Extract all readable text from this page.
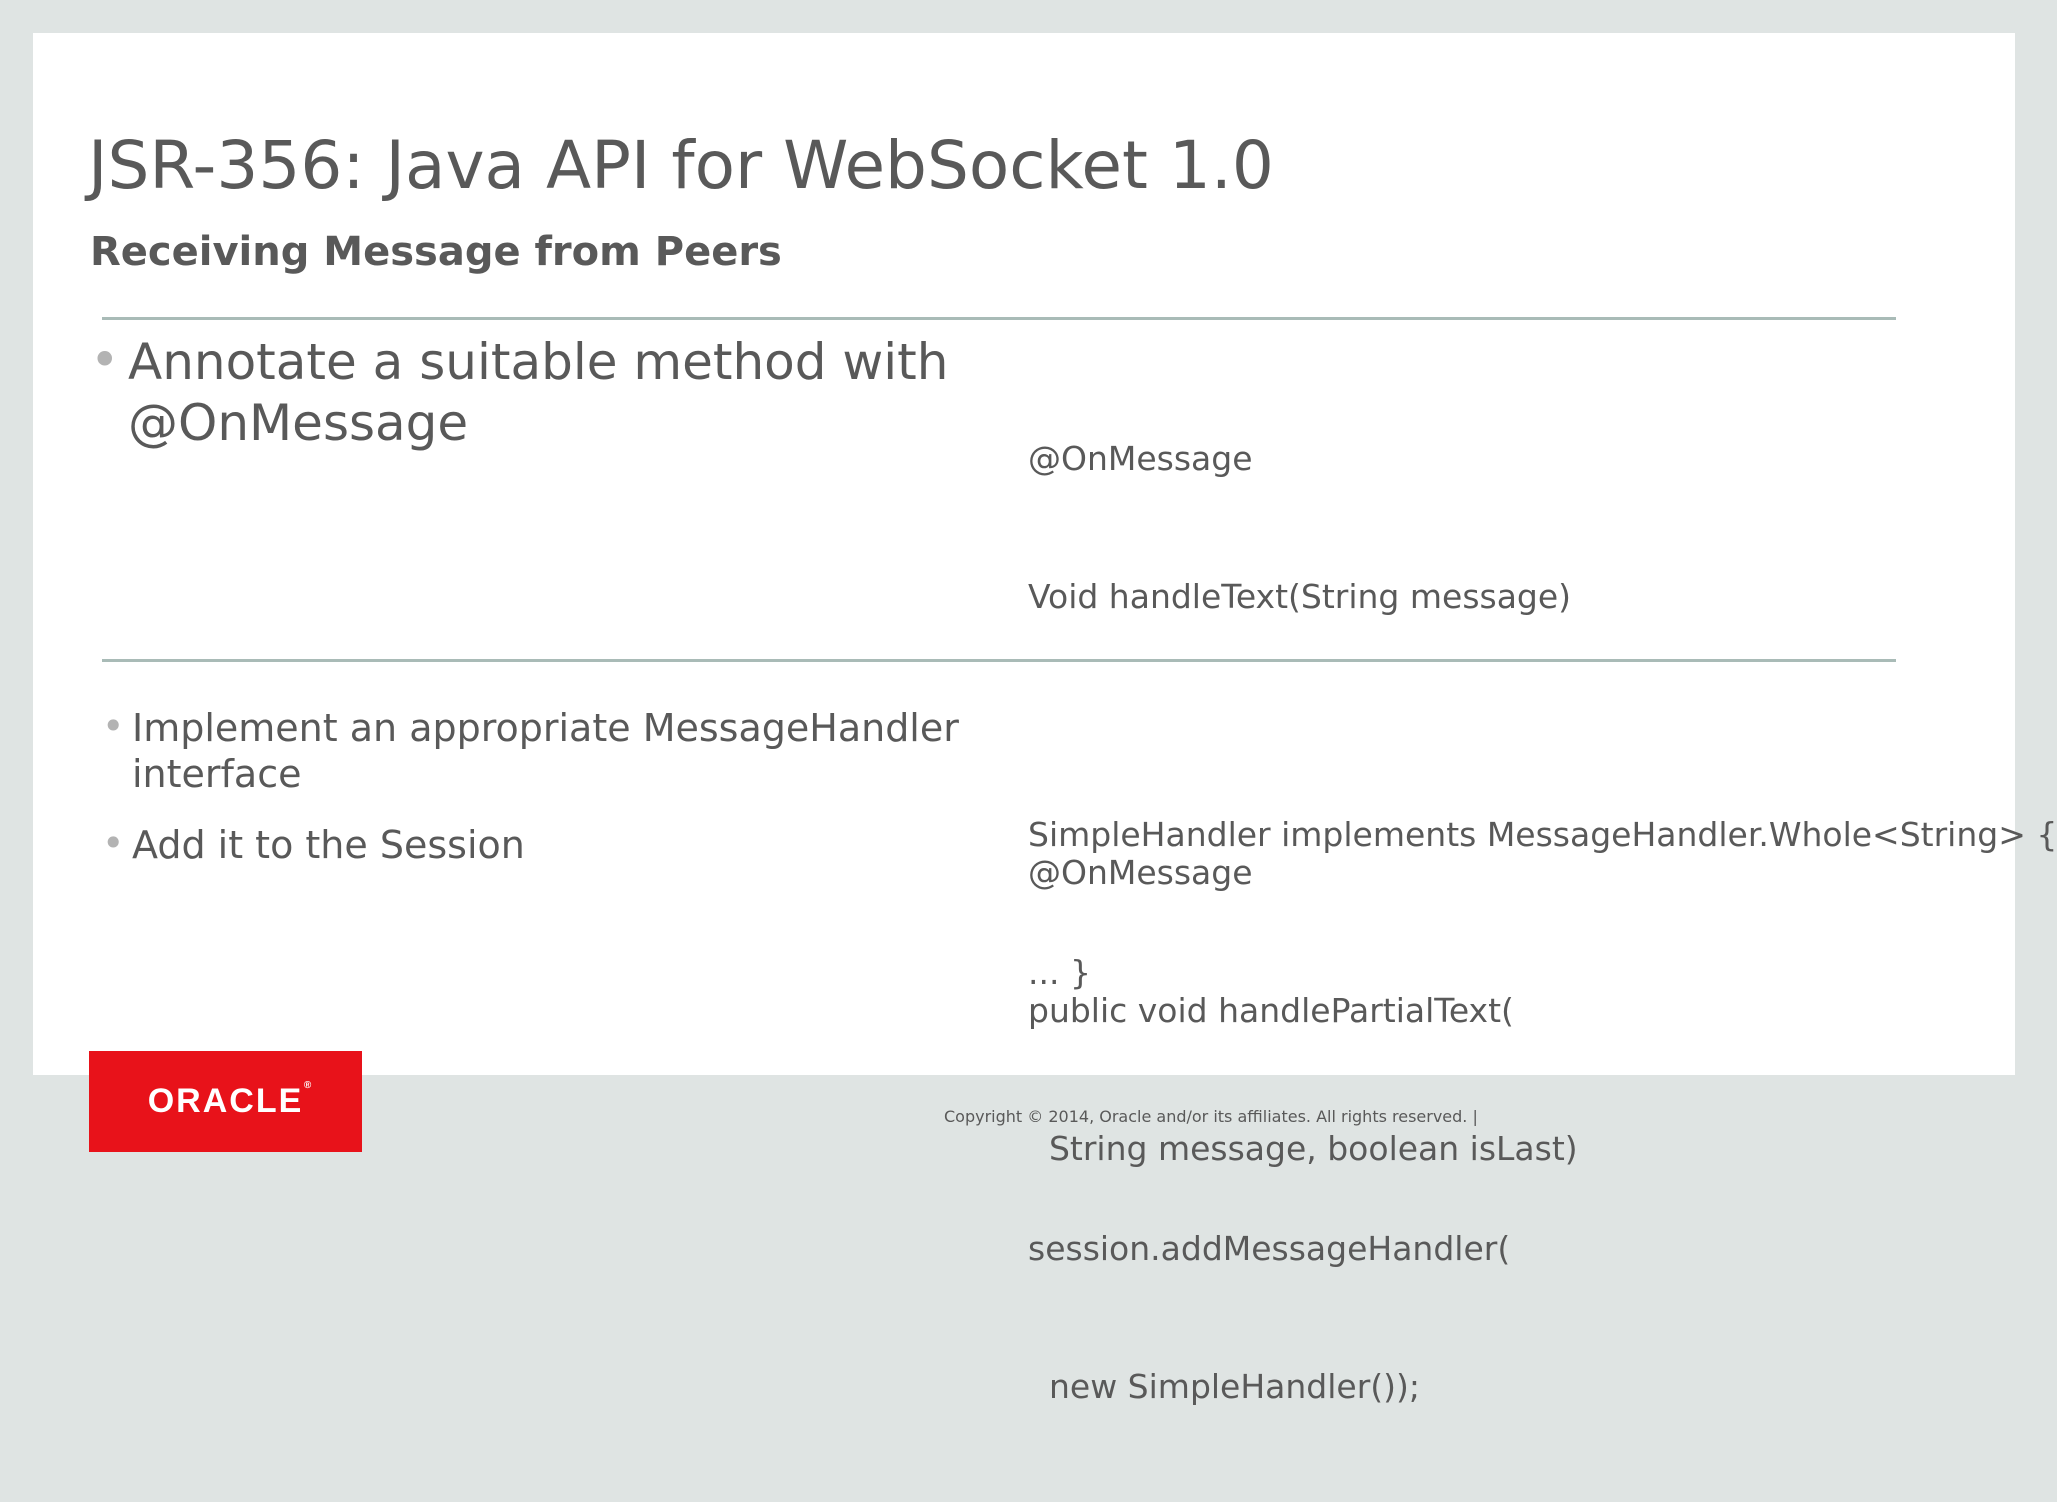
JSR-356: Java API for WebSocket 1.0
Receiving Message from Peers
• Annotate a suitable method with @OnMessage

@OnMessage

Void handleText(String message)

@OnMessage

public void handlePartialText(

String message, boolean isLast)

• Implement an appropriate MessageHandler interface
• Add it to the Session

	SimpleHandler implements MessageHandler.Whole<String> {

... }

session.addMessageHandler(

new SimpleHandler());

ORACLE ®
Copyright © 2014, Oracle and/or its affiliates. All rights reserved. |
